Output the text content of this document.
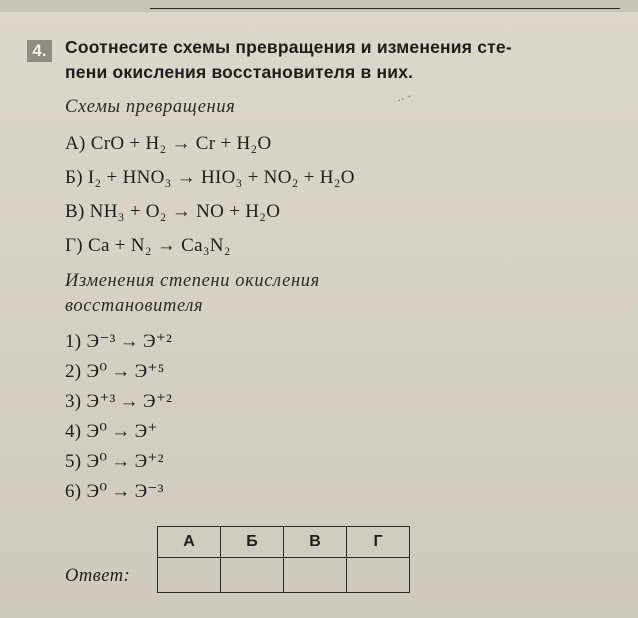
4.	Соотнесите схемы превращения и изменения сте-
пени окисления восстановителя в них.
Схемы превращения	·ˑ ˊ
А) CrO + H₂ → Cr + H₂O
Б) I₂ + HNO₃ → HIO₃ + NO₂ + H₂O
В) NH₃ + O₂ → NO + H₂O
Г) Ca + N₂ → Ca₃N₂
Изменения степени окисления
восстановителя
1) Э⁻³ → Э⁺²
2) Э⁰ → Э⁺⁵
3) Э⁺³ → Э⁺²
4) Э⁰ → Э⁺
5) Э⁰ → Э⁺²
6) Э⁰ → Э⁻³
А	Б	В	Г

Ответ:
